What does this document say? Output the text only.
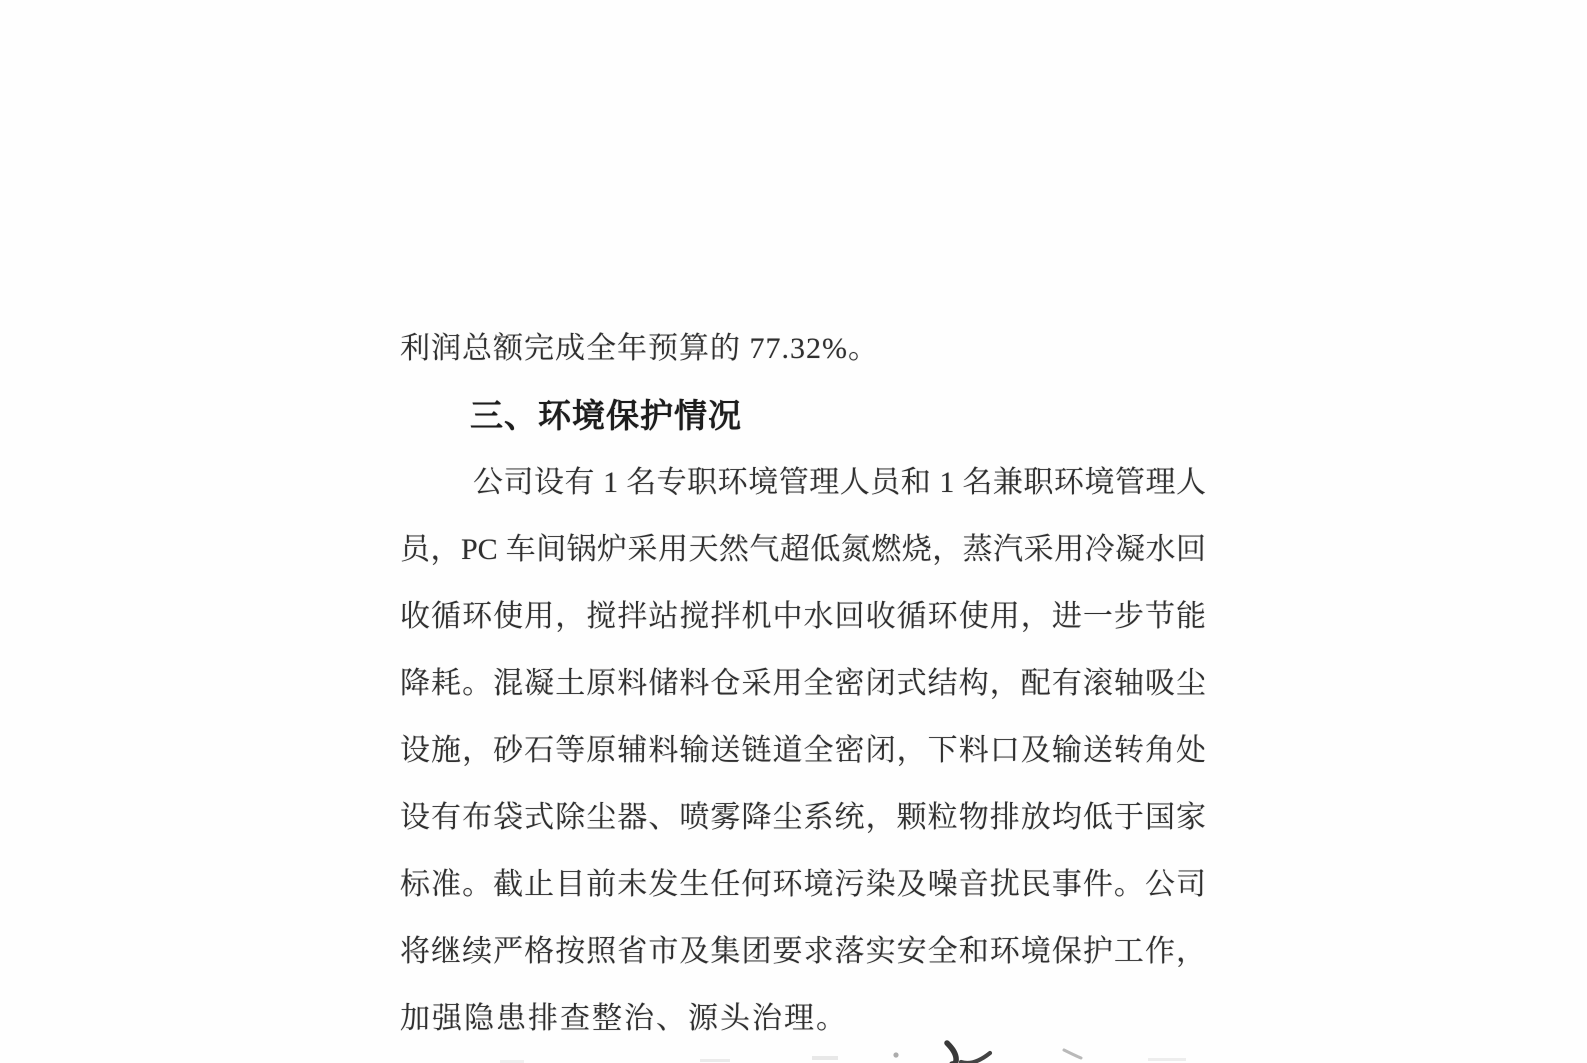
利润总额完成全年预算的 77.32%。
三、环境保护情况
公司设有 1 名专职环境管理人员和 1 名兼职环境管理人
员，PC 车间锅炉采用天然气超低氮燃烧，蒸汽采用冷凝水回
收循环使用，搅拌站搅拌机中水回收循环使用，进一步节能
降耗。混凝土原料储料仓采用全密闭式结构，配有滚轴吸尘
设施，砂石等原辅料输送链道全密闭，下料口及输送转角处
设有布袋式除尘器、喷雾降尘系统，颗粒物排放均低于国家
标准。截止目前未发生任何环境污染及噪音扰民事件。公司
将继续严格按照省市及集团要求落实安全和环境保护工作，
加强隐患排查整治、源头治理。
